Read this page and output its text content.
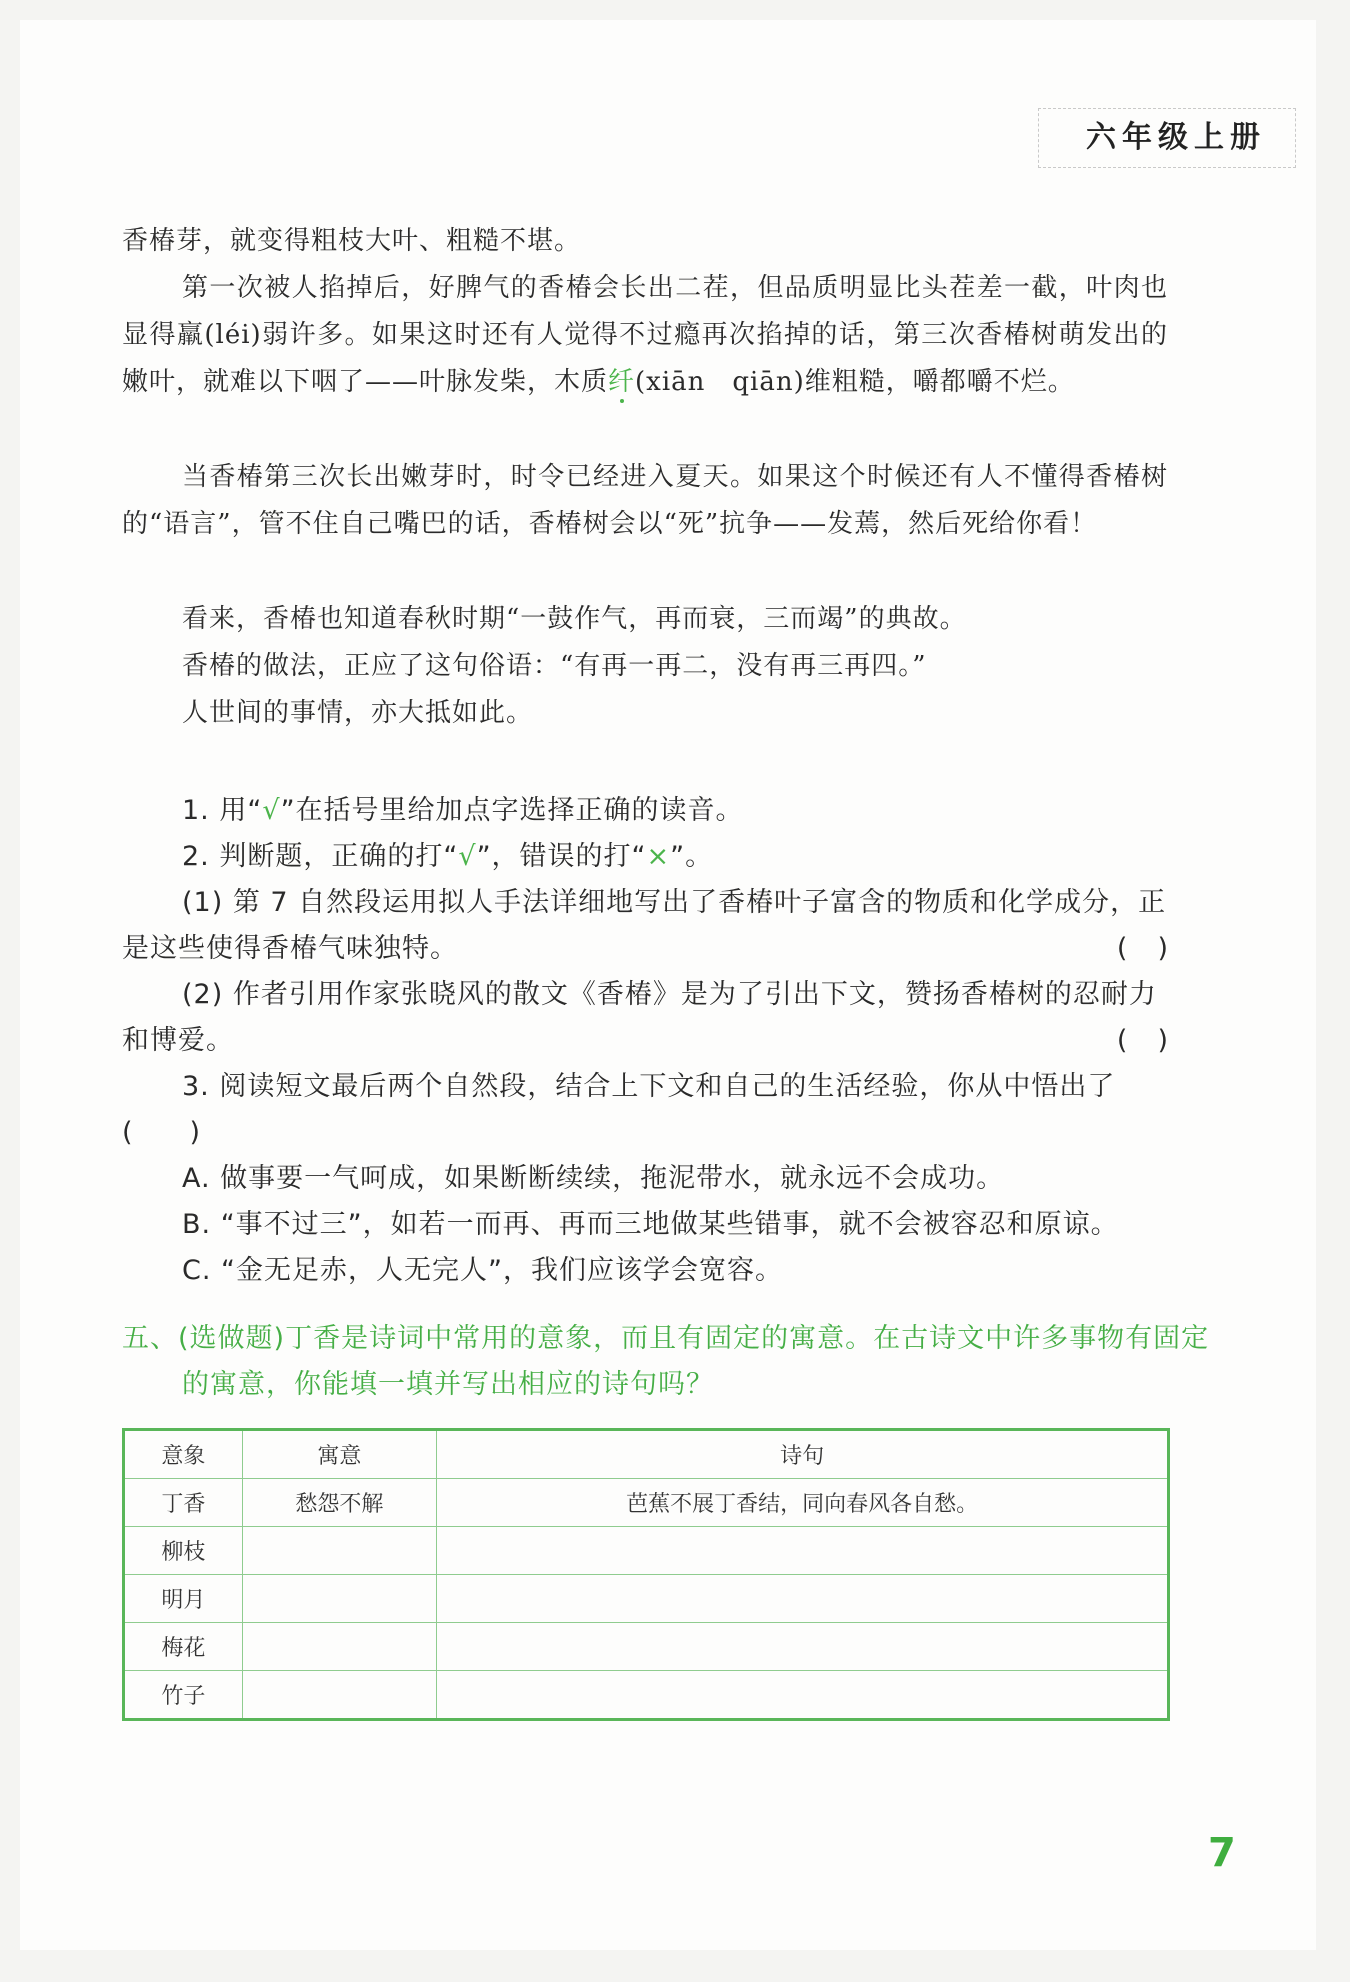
六年级上册

香椿芽，就变得粗枝大叶、粗糙不堪。

第一次被人掐掉后，好脾气的香椿会长出二茬，但品质明显比头茬差一截，叶肉也显得羸(léi)弱许多。如果这时还有人觉得不过瘾再次掐掉的话，第三次香椿树萌发出的嫩叶，就难以下咽了——叶脉发柴，木质纤(xiān　qiān)维粗糙，嚼都嚼不烂。

当香椿第三次长出嫩芽时，时令已经进入夏天。如果这个时候还有人不懂得香椿树的“语言”，管不住自己嘴巴的话，香椿树会以“死”抗争——发蔫，然后死给你看！

看来，香椿也知道春秋时期“一鼓作气，再而衰，三而竭”的典故。

香椿的做法，正应了这句俗语：“有再一再二，没有再三再四。”

人世间的事情，亦大抵如此。

1. 用“√”在括号里给加点字选择正确的读音。

2. 判断题，正确的打“√”，错误的打“×”。

(1) 第 7 自然段运用拟人手法详细地写出了香椿叶子富含的物质和化学成分，正是这些使得香椿气味独特。	()

(2) 作者引用作家张晓风的散文《香椿》是为了引出下文，赞扬香椿树的忍耐力和博爱。	()

3. 阅读短文最后两个自然段，结合上下文和自己的生活经验，你从中悟出了(　　)

A. 做事要一气呵成，如果断断续续，拖泥带水，就永远不会成功。

B. “事不过三”，如若一而再、再而三地做某些错事，就不会被容忍和原谅。

C. “金无足赤，人无完人”，我们应该学会宽容。

五、(选做题)丁香是诗词中常用的意象，而且有固定的寓意。在古诗文中许多事物有固定的寓意，你能填一填并写出相应的诗句吗？

意象	寓意	诗句
丁香	愁怨不解	芭蕉不展丁香结，同向春风各自愁。
柳枝		
明月		
梅花		
竹子		
7
